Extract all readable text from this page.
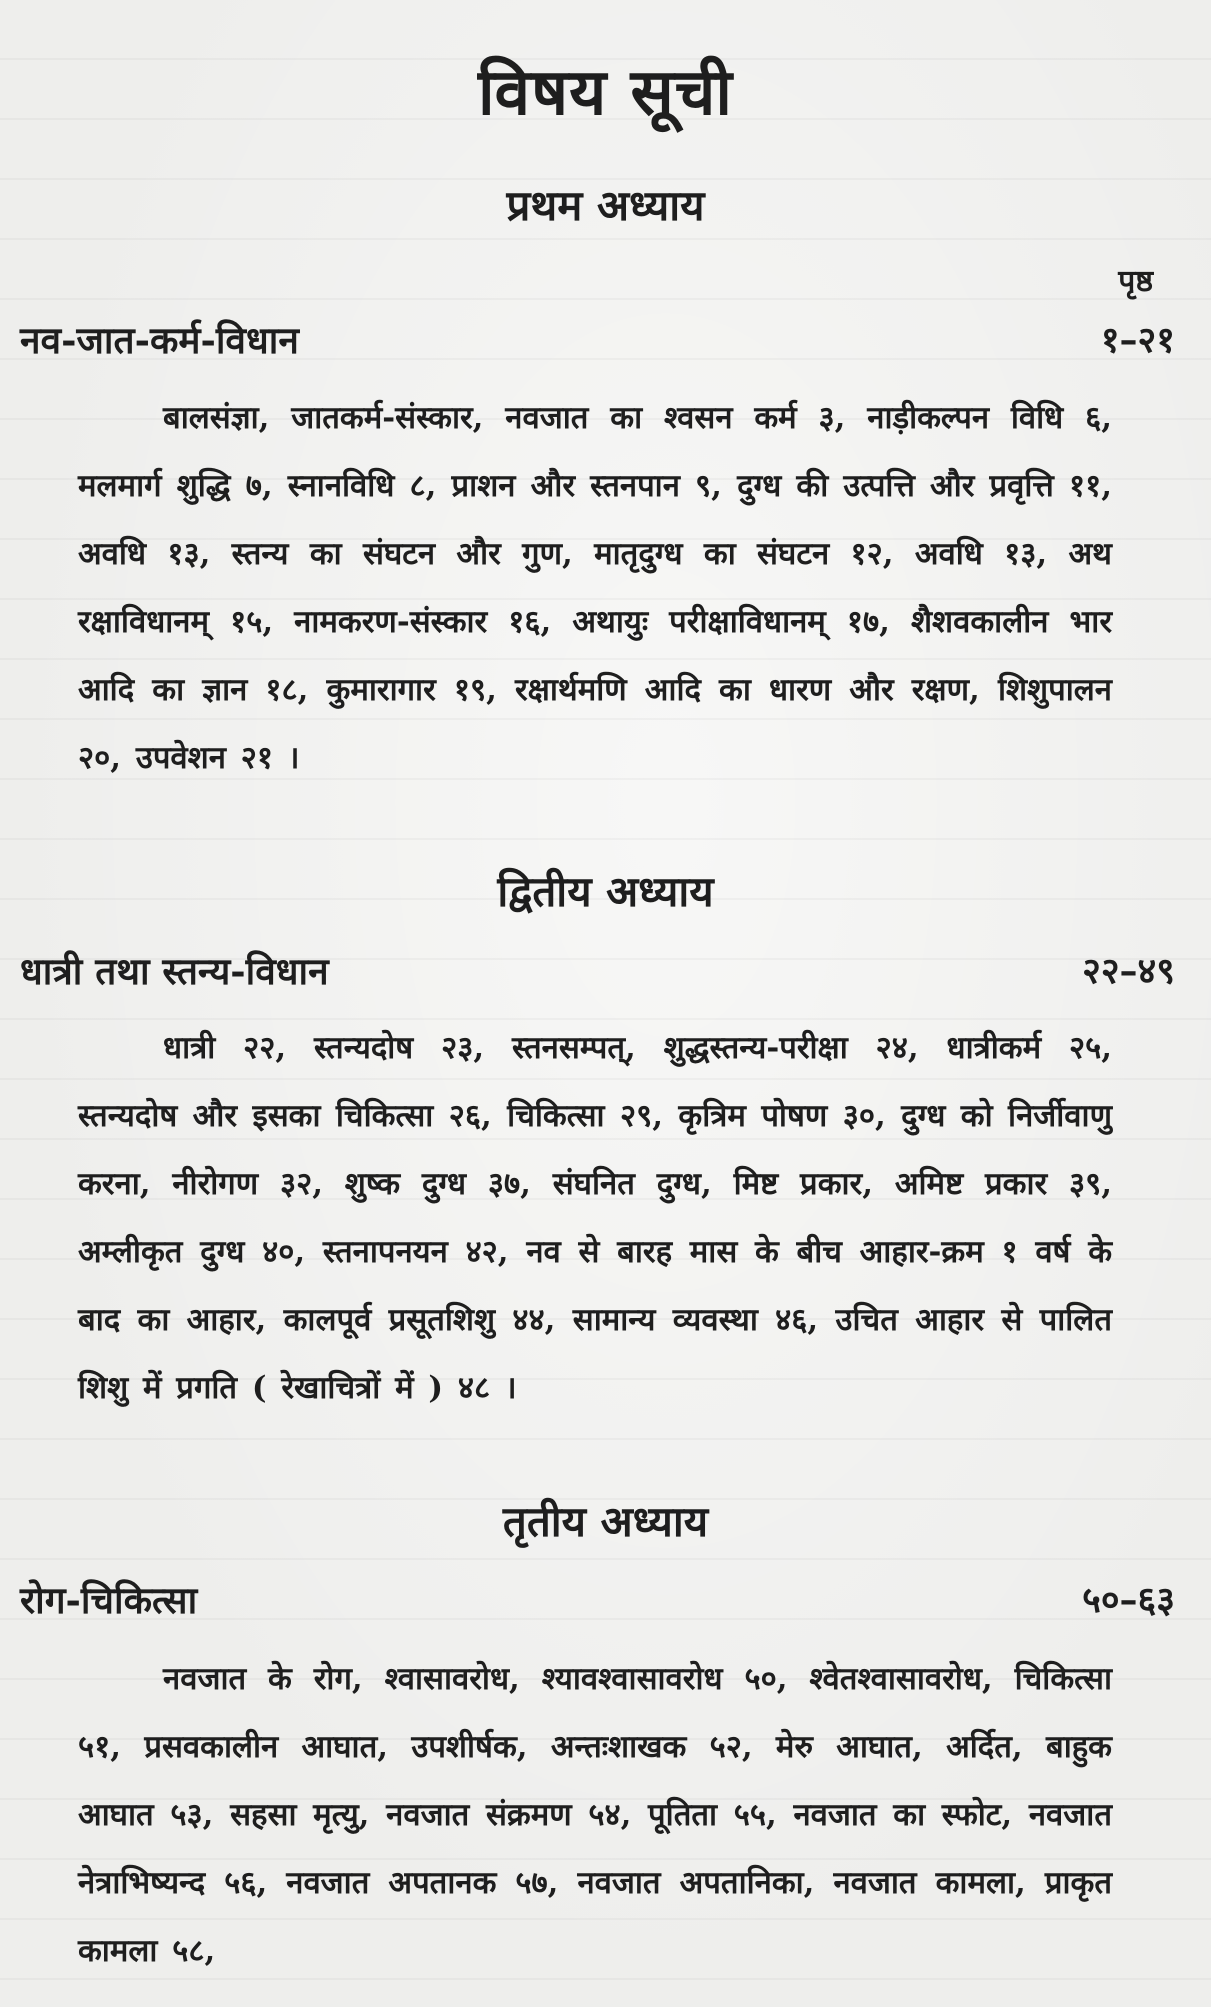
विषय सूची
प्रथम अध्याय
पृष्ठ
नव-जात-कर्म-विधान	१–२१

बालसंज्ञा, जातकर्म-संस्कार, नवजात का श्वसन कर्म ३, नाड़ीकल्पन विधि ६, मलमार्ग शुद्धि ७, स्नानविधि ८, प्राशन और स्तनपान ९, दुग्ध की उत्पत्ति और प्रवृत्ति ११, अवधि १३, स्तन्य का संघटन और गुण, मातृदुग्ध का संघटन १२, अवधि १३, अथ रक्षाविधानम् १५, नामकरण-संस्कार १६, अथायुः परीक्षाविधानम् १७, शैशवकालीन भार आदि का ज्ञान १८, कुमारागार १९, रक्षार्थमणि आदि का धारण और रक्षण, शिशुपालन २०, उपवेशन २१ ।

द्वितीय अध्याय
धात्री तथा स्तन्य-विधान	२२–४९

धात्री २२, स्तन्यदोष २३, स्तनसम्पत्, शुद्धस्तन्य-परीक्षा २४, धात्रीकर्म २५, स्तन्यदोष और इसका चिकित्सा २६, चिकित्सा २९, कृत्रिम पोषण ३०, दुग्ध को निर्जीवाणु करना, नीरोगण ३२, शुष्क दुग्ध ३७, संघनित दुग्ध, मिष्ट प्रकार, अमिष्ट प्रकार ३९, अम्लीकृत दुग्ध ४०, स्तनापनयन ४२, नव से बारह मास के बीच आहार-क्रम १ वर्ष के बाद का आहार, कालपूर्व प्रसूतशिशु ४४, सामान्य व्यवस्था ४६, उचित आहार से पालित शिशु में प्रगति ( रेखाचित्रों में ) ४८ ।

तृतीय अध्याय
रोग-चिकित्सा	५०–६३

नवजात के रोग, श्वासावरोध, श्यावश्वासावरोध ५०, श्वेतश्वासावरोध, चिकित्सा ५१, प्रसवकालीन आघात, उपशीर्षक, अन्तःशाखक ५२, मेरु आघात, अर्दित, बाहुक आघात ५३, सहसा मृत्यु, नवजात संक्रमण ५४, पूतिता ५५, नवजात का स्फोट, नवजात नेत्राभिष्यन्द ५६, नवजात अपतानक ५७, नवजात अपतानिका, नवजात कामला, प्राकृत कामला ५८,
